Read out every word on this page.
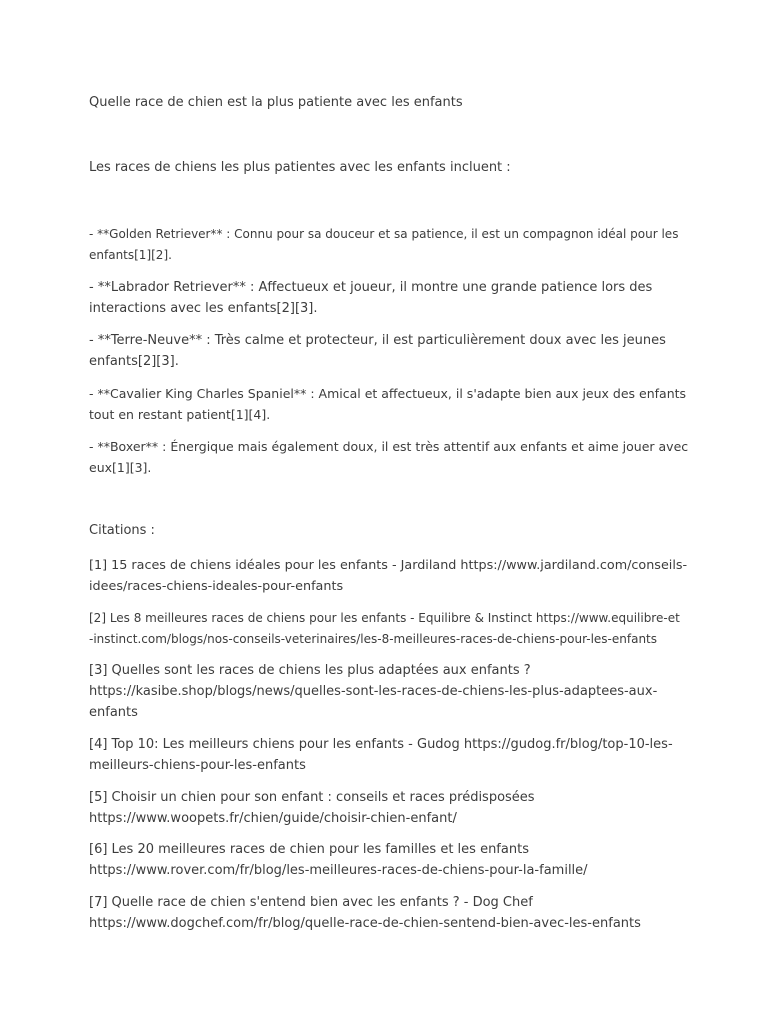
Quelle race de chien est la plus patiente avec les enfants

Les races de chiens les plus patientes avec les enfants incluent :

- **Golden Retriever** : Connu pour sa douceur et sa patience, il est un compagnon idéal pour les
enfants[1][2].

- **Labrador Retriever** : Affectueux et joueur, il montre une grande patience lors des
interactions avec les enfants[2][3].

- **Terre-Neuve** : Très calme et protecteur, il est particulièrement doux avec les jeunes
enfants[2][3].

- **Cavalier King Charles Spaniel** : Amical et affectueux, il s'adapte bien aux jeux des enfants
tout en restant patient[1][4].

- **Boxer** : Énergique mais également doux, il est très attentif aux enfants et aime jouer avec
eux[1][3].

Citations :

[1] 15 races de chiens idéales pour les enfants - Jardiland https://www.jardiland.com/conseils-
idees/races-chiens-ideales-pour-enfants

[2] Les 8 meilleures races de chiens pour les enfants - Equilibre & Instinct https://www.equilibre-et
-instinct.com/blogs/nos-conseils-veterinaires/les-8-meilleures-races-de-chiens-pour-les-enfants

[3] Quelles sont les races de chiens les plus adaptées aux enfants ?
https://kasibe.shop/blogs/news/quelles-sont-les-races-de-chiens-les-plus-adaptees-aux-
enfants

[4] Top 10: Les meilleurs chiens pour les enfants - Gudog https://gudog.fr/blog/top-10-les-
meilleurs-chiens-pour-les-enfants

[5] Choisir un chien pour son enfant : conseils et races prédisposées
https://www.woopets.fr/chien/guide/choisir-chien-enfant/

[6] Les 20 meilleures races de chien pour les familles et les enfants
https://www.rover.com/fr/blog/les-meilleures-races-de-chiens-pour-la-famille/

[7] Quelle race de chien s'entend bien avec les enfants ? - Dog Chef
https://www.dogchef.com/fr/blog/quelle-race-de-chien-sentend-bien-avec-les-enfants
